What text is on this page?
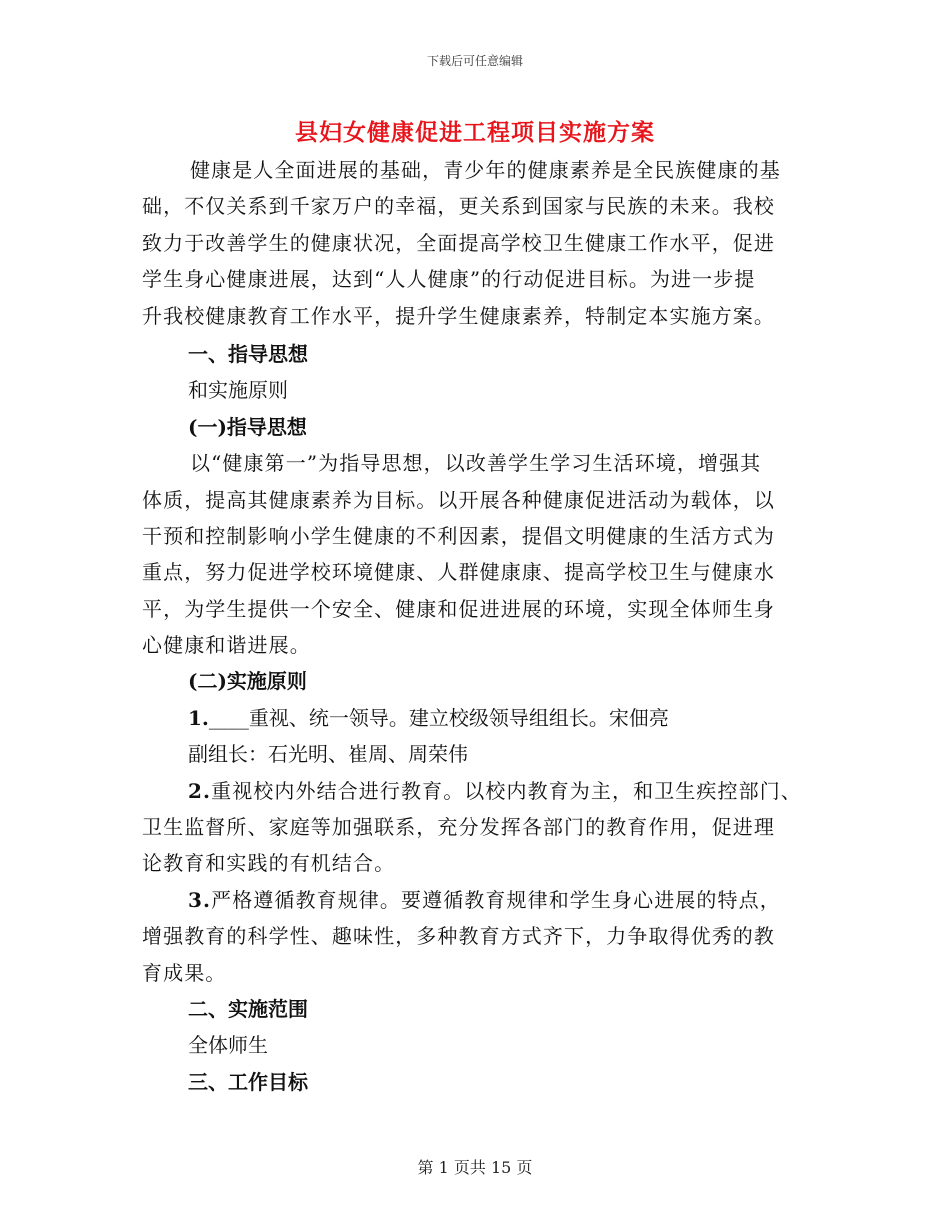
下载后可任意编辑
县妇女健康促进工程项目实施方案
健康是人全面进展的基础，青少年的健康素养是全民族健康的基
础，不仅关系到千家万户的幸福，更关系到国家与民族的未来。我校
致力于改善学生的健康状况，全面提高学校卫生健康工作水平，促进
学生身心健康进展，达到“人人健康”的行动促进目标。为进一步提
升我校健康教育工作水平，提升学生健康素养，特制定本实施方案。
一、指导思想
和实施原则
(一)指导思想
以“健康第一”为指导思想，以改善学生学习生活环境，增强其
体质，提高其健康素养为目标。以开展各种健康促进活动为载体，以
干预和控制影响小学生健康的不利因素，提倡文明健康的生活方式为
重点，努力促进学校环境健康、人群健康康、提高学校卫生与健康水
平，为学生提供一个安全、健康和促进进展的环境，实现全体师生身
心健康和谐进展。
(二)实施原则
1.____重视、统一领导。建立校级领导组组长。宋佃亮
副组长：石光明、崔周、周荣伟
2.重视校内外结合进行教育。以校内教育为主，和卫生疾控部门、
卫生监督所、家庭等加强联系，充分发挥各部门的教育作用，促进理
论教育和实践的有机结合。
3.严格遵循教育规律。要遵循教育规律和学生身心进展的特点，
增强教育的科学性、趣味性，多种教育方式齐下，力争取得优秀的教
育成果。
二、实施范围
全体师生
三、工作目标
第 1 页共 15 页
